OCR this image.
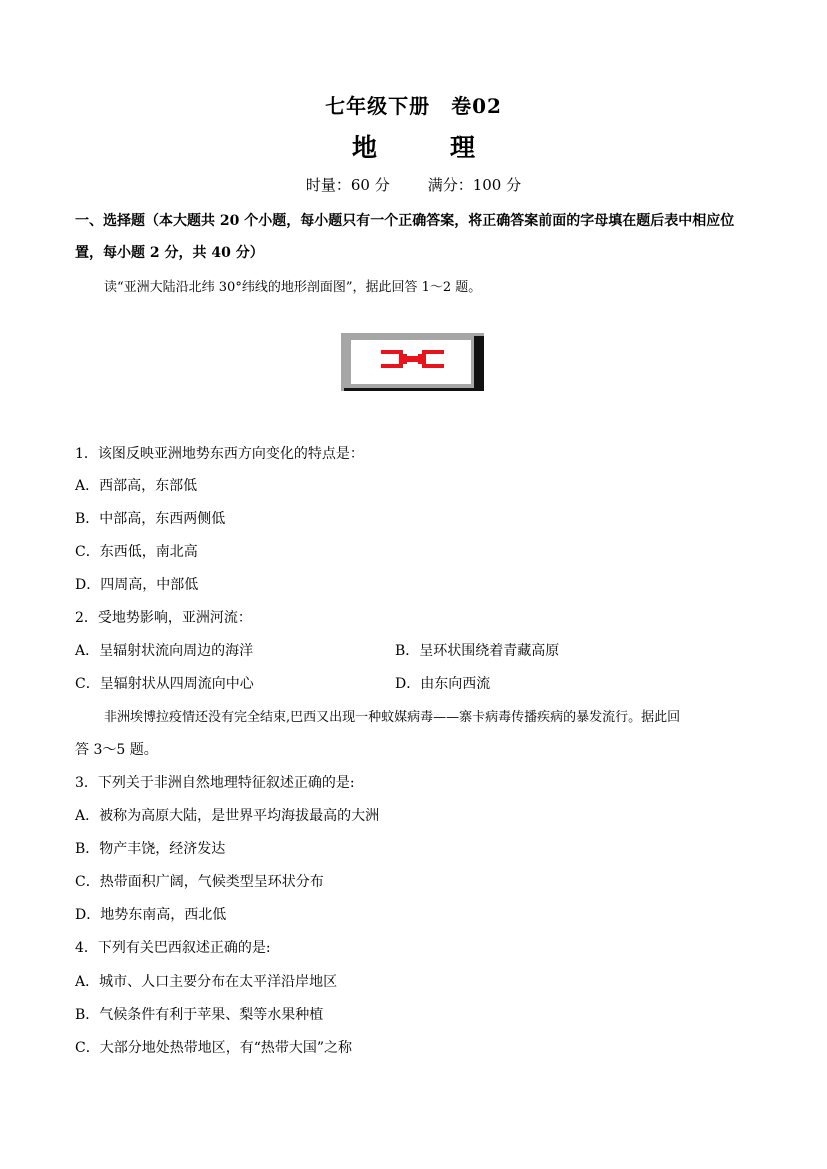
七年级下册　卷02
地　理
时量：60 分	满分：100 分
一、选择题（本大题共 20 个小题，每小题只有一个正确答案，将正确答案前面的字母填在题后表中相应位
置，每小题 2 分，共 40 分）
读“亚洲大陆沿北纬 30°纬线的地形剖面图”，据此回答 1～2 题。
1．该图反映亚洲地势东西方向变化的特点是：
A．西部高，东部低
B．中部高，东西两侧低
C．东西低，南北高
D．四周高，中部低
2．受地势影响，亚洲河流：
A．呈辐射状流向周边的海洋	B．呈环状围绕着青藏高原
C．呈辐射状从四周流向中心	D．由东向西流
非洲埃博拉疫情还没有完全结束,巴西又出现一种蚊媒病毒——寨卡病毒传播疾病的暴发流行。据此回
答 3～5 题。
3．下列关于非洲自然地理特征叙述正确的是:
A．被称为高原大陆，是世界平均海拔最高的大洲
B．物产丰饶，经济发达
C．热带面积广阔，气候类型呈环状分布
D．地势东南高，西北低
4．下列有关巴西叙述正确的是:
A．城市、人口主要分布在太平洋沿岸地区
B．气候条件有利于苹果、梨等水果种植
C．大部分地处热带地区，有“热带大国”之称
